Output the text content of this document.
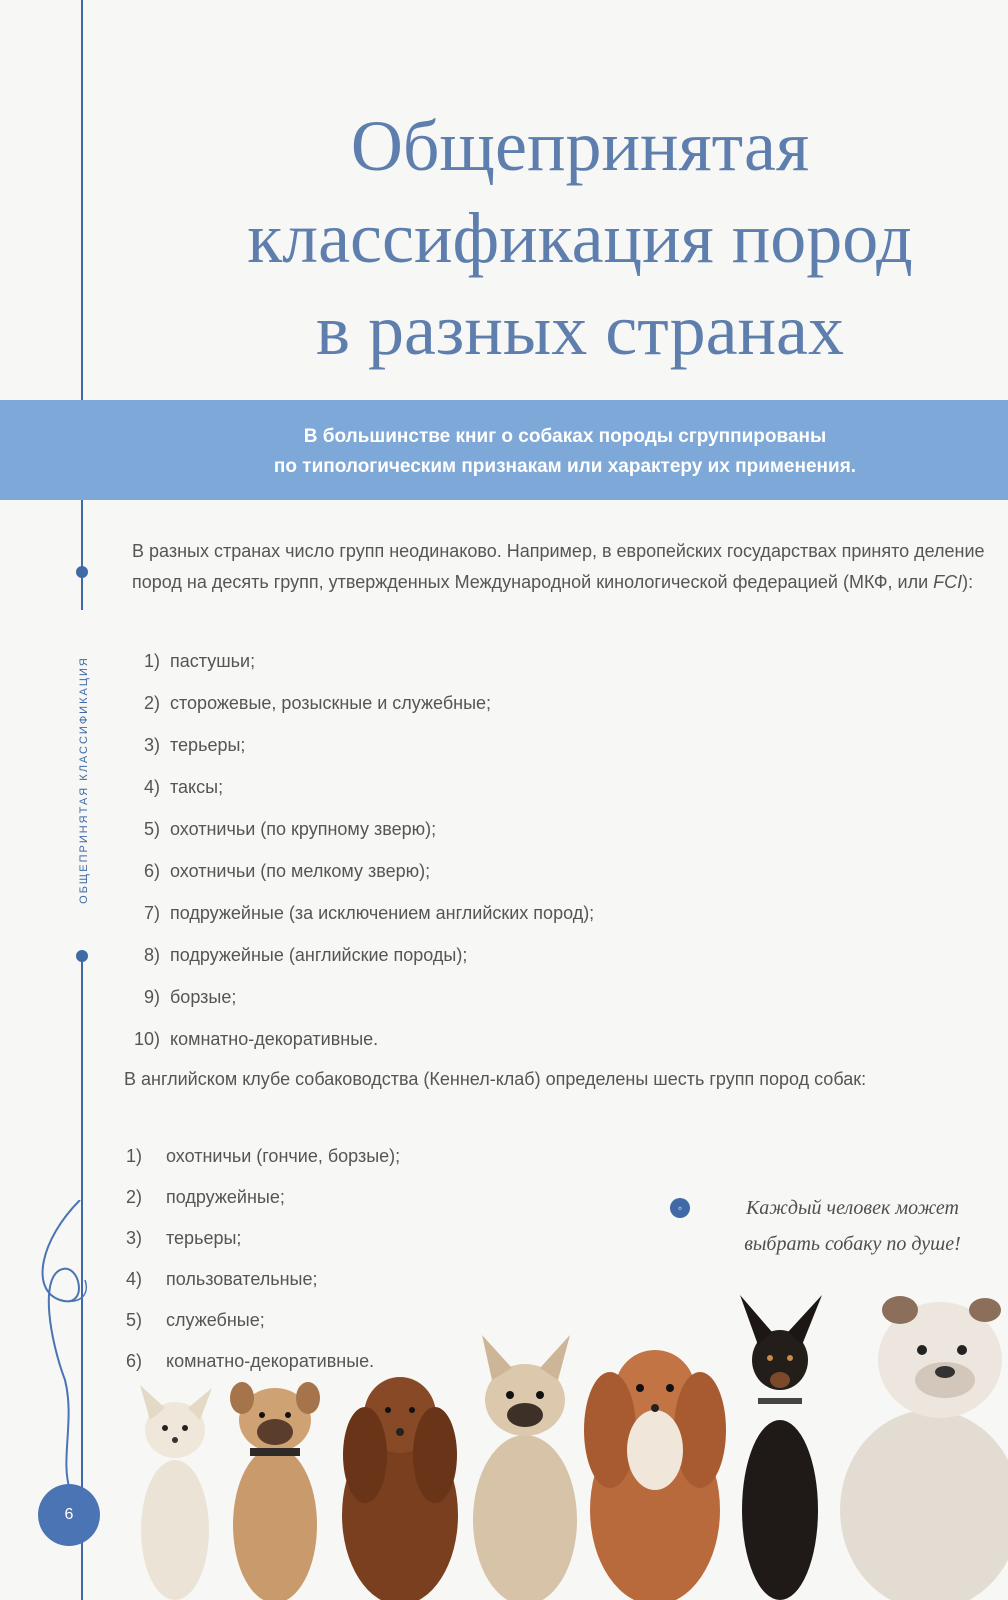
ОБЩЕПРИНЯТАЯ КЛАССИФИКАЦИЯ
Общепринятая
классификация пород
в разных странах
В большинстве книг о собаках породы сгруппированы
по типологическим признакам или характеру их применения.

В разных странах число групп неодинаково. Например, в европейских государствах принято деление пород на десять групп, утвержденных Международной кинологической федерацией (МКФ, или FCI):

1) пастушьи;
2) сторожевые, розыскные и служебные;
3) терьеры;
4) таксы;
5) охотничьи (по крупному зверю);
6) охотничьи (по мелкому зверю);
7) подружейные (за исключением английских пород);
8) подружейные (английские породы);
9) борзые;
10) комнатно-декоративные.

В английском клубе собаководства (Кеннел-клаб) определены шесть групп пород собак:

1) охотничьи (гончие, борзые);
2) подружейные;
3) терьеры;
4) пользовательные;
5) служебные;
6) комнатно-декоративные.
◦	Каждый человек может
выбрать собаку по душе!
6
